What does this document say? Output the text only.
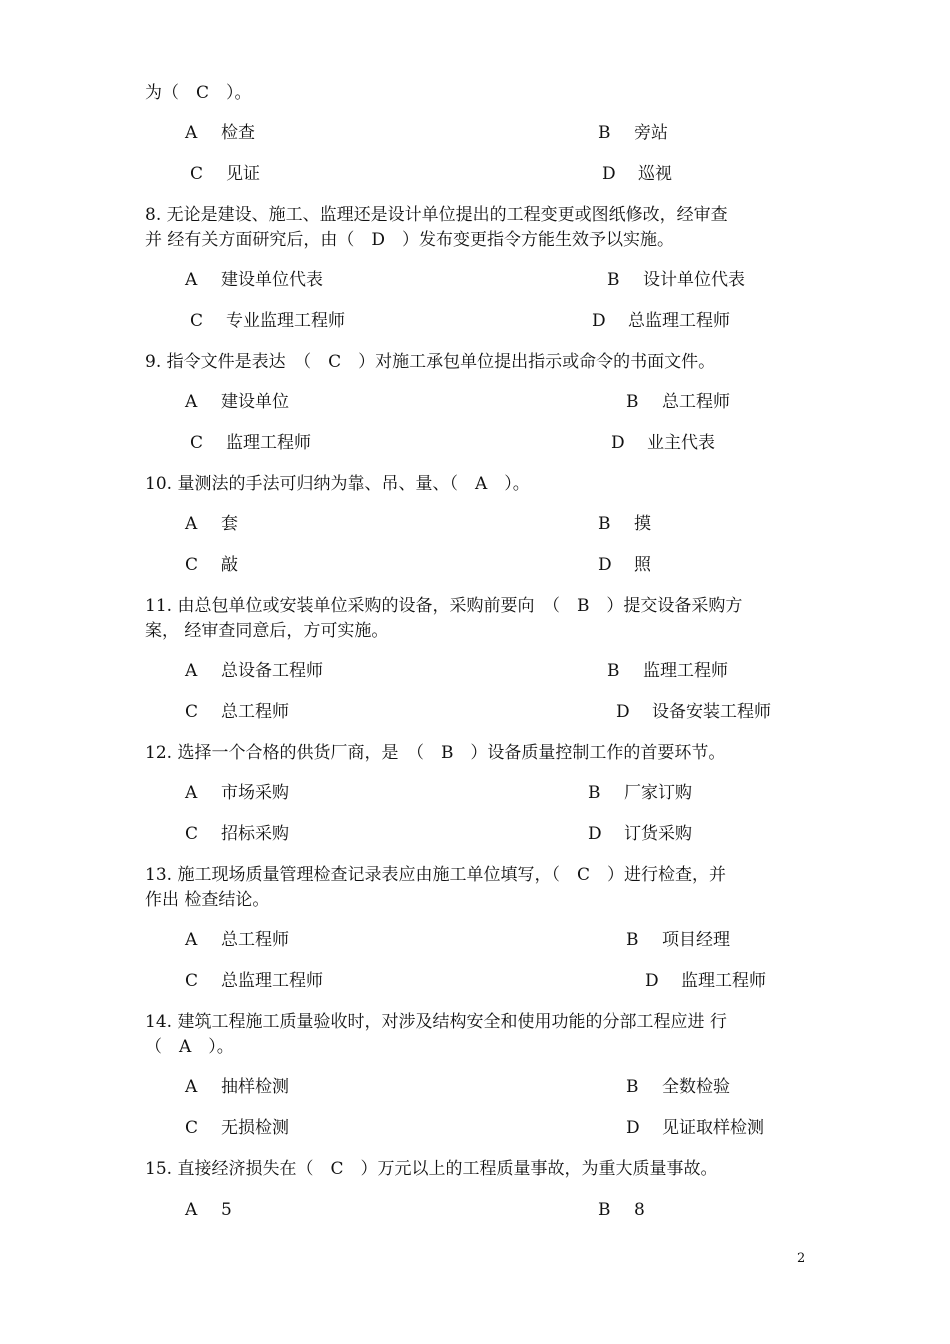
为（　C　）。
A 检查	B 旁站
C 见证	D 巡视
8. 无论是建设、施工、监理还是设计单位提出的工程变更或图纸修改，经审查
并 经有关方面研究后，由（　D　）发布变更指令方能生效予以实施。
A 建设单位代表	B 设计单位代表
C 专业监理工程师	D 总监理工程师
9. 指令文件是表达　（　C　）对施工承包单位提出指示或命令的书面文件。
A 建设单位	B 总工程师
C 监理工程师	D 业主代表
10. 量测法的手法可归纳为靠、吊、量、（　A　）。
A 套	B 摸
C 敲	D 照
11. 由总包单位或安装单位采购的设备，采购前要向　（　B　）提交设备采购方
案， 经审查同意后，方可实施。
A 总设备工程师	B 监理工程师
C 总工程师	D 设备安装工程师
12. 选择一个合格的供货厂商，是　（　B　）设备质量控制工作的首要环节。
A 市场采购	B 厂家订购
C 招标采购	D 订货采购
13. 施工现场质量管理检查记录表应由施工单位填写，（　C　）进行检查，并
作出 检查结论。
A 总工程师	B 项目经理
C 总监理工程师	D 监理工程师
14. 建筑工程施工质量验收时，对涉及结构安全和使用功能的分部工程应进 行
（　A　）。
A 抽样检测	B 全数检验
C 无损检测	D 见证取样检测
15. 直接经济损失在（　C　）万元以上的工程质量事故，为重大质量事故。
A 5	B 8
2
